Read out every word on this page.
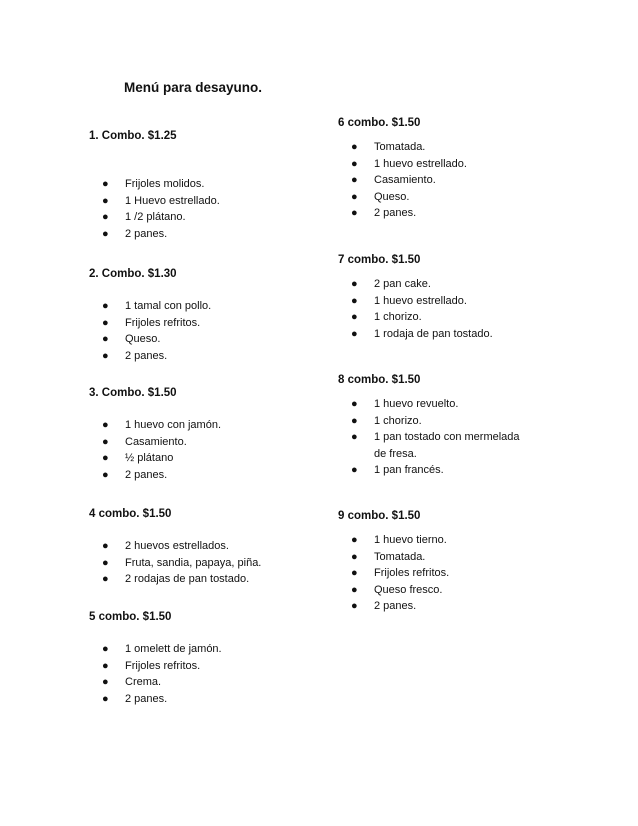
Menú para desayuno.
1. Combo. $1.25
● Frijoles molidos.
● 1 Huevo estrellado.
● 1 /2 plátano.
● 2 panes.
2. Combo. $1.30
● 1 tamal con pollo.
● Frijoles refritos.
● Queso.
● 2 panes.
3. Combo. $1.50
● 1 huevo con jamón.
● Casamiento.
● ½ plátano
● 2 panes.
4 combo. $1.50
● 2 huevos estrellados.
● Fruta, sandia, papaya, piña.
● 2 rodajas de pan tostado.
5 combo. $1.50
● 1 omelett de jamón.
● Frijoles refritos.
● Crema.
● 2 panes.
6 combo. $1.50
● Tomatada.
● 1 huevo estrellado.
● Casamiento.
● Queso.
● 2 panes.
7 combo. $1.50
● 2 pan cake.
● 1 huevo estrellado.
● 1 chorizo.
● 1 rodaja de pan tostado.
8 combo. $1.50
● 1 huevo revuelto.
● 1 chorizo.
● 1 pan tostado con mermelada de fresa.
● 1 pan francés.
9 combo. $1.50
● 1 huevo tierno.
● Tomatada.
● Frijoles refritos.
● Queso fresco.
● 2 panes.
